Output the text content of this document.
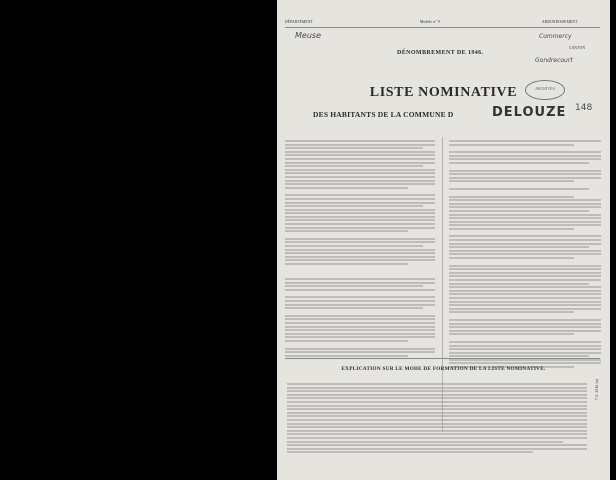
DÉPARTEMENT	Modèle n° 9.	ARRONDISSEMENT
Meuse	Commercy
CANTON
Gondrecourt
DÉNOMBREMENT DE 1946.
ARCHIVES
LISTE NOMINATIVE
DES HABITANTS DE LA COMMUNE D	DELOUZE 148
EXPLICATION SUR LE MODE DE FORMATION DE LA LISTE NOMINATIVE.
7 S. 2546 (a)
